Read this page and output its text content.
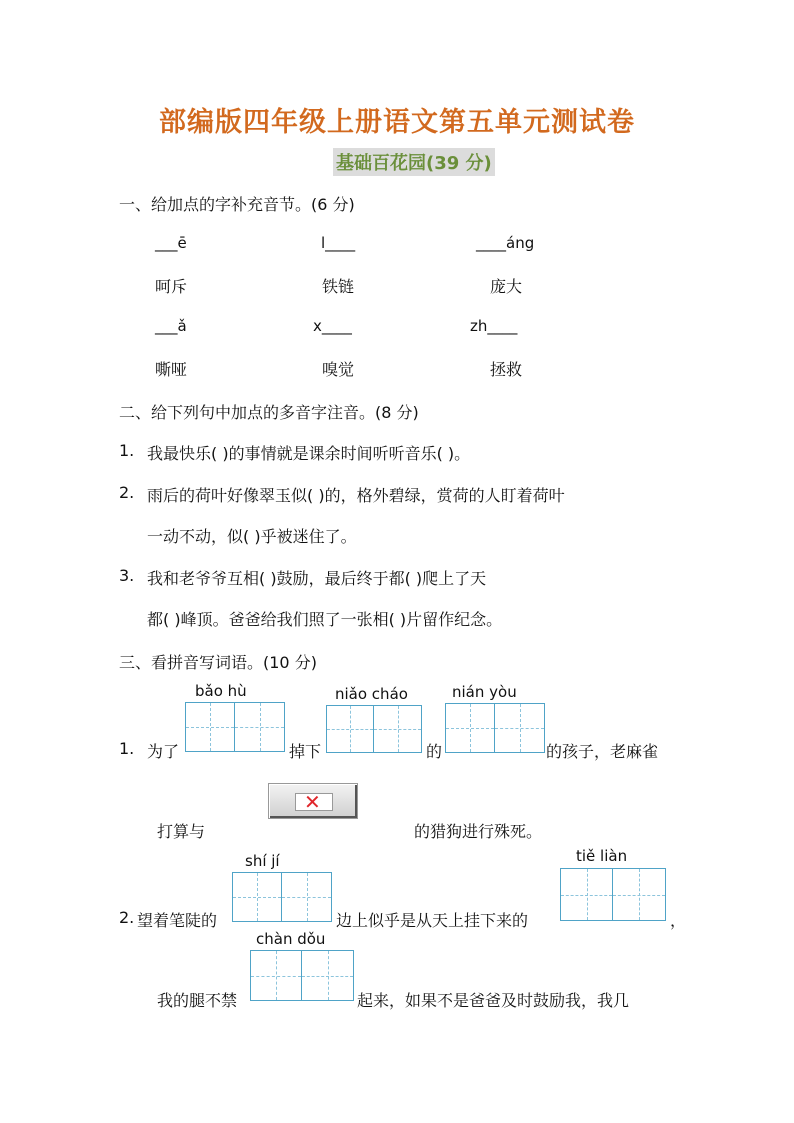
部编版四年级上册语文第五单元测试卷
基础百花园(39 分)
一、给加点的字补充音节。(6 分)
___ē	l____	____áng
呵斥	铁链	庞大
___ǎ	x____	zh____
嘶哑	嗅觉	拯救
二、给下列句中加点的多音字注音。(8 分)
1. 我最快乐( )的事情就是课余时间听听音乐( )。
2. 雨后的荷叶好像翠玉似( )的，格外碧绿，赏荷的人盯着荷叶
一动不动，似( )乎被迷住了。
3. 我和老爷爷互相( )鼓励，最后终于都( )爬上了天
都( )峰顶。爸爸给我们照了一张相( )片留作纪念。
三、看拼音写词语。(10 分)
bǎo hù	niǎo cháo	nián yòu
1. 为了	掉下	的	的孩子，老麻雀
✕
打算与	的猎狗进行殊死。
shí jí	tiě liàn
chàn dǒu
2. 望着笔陡的	边上似乎是从天上挂下来的	，
我的腿不禁	起来，如果不是爸爸及时鼓励我，我几
